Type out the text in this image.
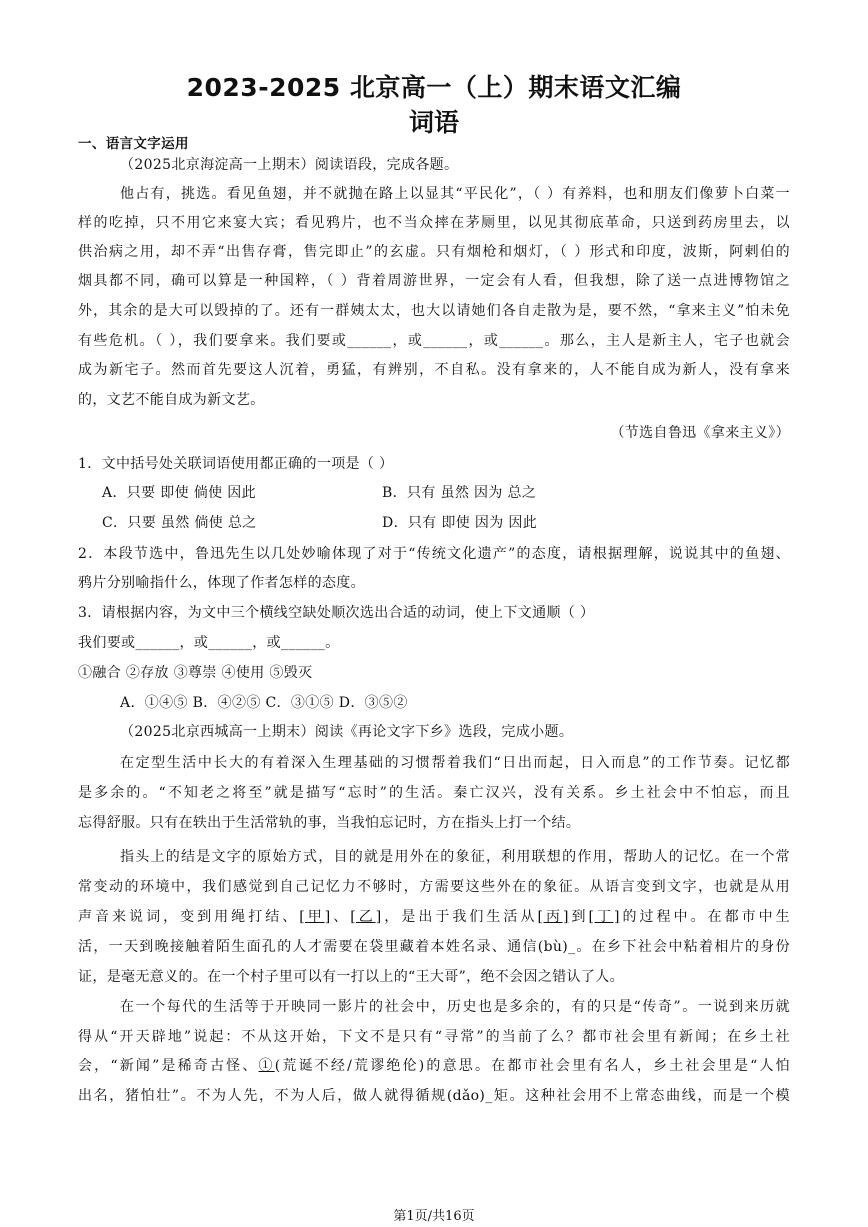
2023-2025 北京高一（上）期末语文汇编
词语
一、语言文字运用
（2025北京海淀高一上期末）阅读语段，完成各题。
他占有，挑选。看见鱼翅，并不就抛在路上以显其“平民化”，（ ）有养料，也和朋友们像萝卜白菜一
样的吃掉，只不用它来宴大宾；看见鸦片，也不当众摔在茅厕里，以见其彻底革命，只送到药房里去，以
供治病之用，却不弄“出售存膏，售完即止”的玄虚。只有烟枪和烟灯，（ ）形式和印度，波斯，阿剌伯的
烟具都不同，确可以算是一种国粹，（ ）背着周游世界，一定会有人看，但我想，除了送一点进博物馆之
外，其余的是大可以毁掉的了。还有一群姨太太，也大以请她们各自走散为是，要不然，“拿来主义”怕未免
有些危机。（ ），我们要拿来。我们要或______，或______，或______。那么，主人是新主人，宅子也就会
成为新宅子。然而首先要这人沉着，勇猛，有辨别，不自私。没有拿来的，人不能自成为新人，没有拿来
的，文艺不能自成为新文艺。
（节选自鲁迅《拿来主义》）
1．文中括号处关联词语使用都正确的一项是（ ）
A．只要 即使 倘使 因此	B．只有 虽然 因为 总之
C．只要 虽然 倘使 总之	D．只有 即使 因为 因此
2．本段节选中，鲁迅先生以几处妙喻体现了对于“传统文化遗产”的态度，请根据理解，说说其中的鱼翅、
鸦片分别喻指什么，体现了作者怎样的态度。
3．请根据内容，为文中三个横线空缺处顺次选出合适的动词，使上下文通顺（ ）
我们要或______，或______，或______。
①融合 ②存放 ③尊崇 ④使用 ⑤毁灭
A．①④⑤ B．④②⑤ C．③①⑤ D．③⑤②
（2025北京西城高一上期末）阅读《再论文字下乡》选段，完成小题。
在定型生活中长大的有着深入生理基础的习惯帮着我们“日出而起，日入而息”的工作节奏。记忆都
是多余的。“不知老之将至”就是描写“忘时”的生活。秦亡汉兴，没有关系。乡土社会中不怕忘，而且
忘得舒服。只有在轶出于生活常轨的事，当我怕忘记时，方在指头上打一个结。
指头上的结是文字的原始方式，目的就是用外在的象征，利用联想的作用，帮助人的记忆。在一个常
常变动的环境中，我们感觉到自己记忆力不够时，方需要这些外在的象征。从语言变到文字，也就是从用
声音来说词，变到用绳打结、[甲]、[乙]，是出于我们生活从[丙]到[丁]的过程中。在都市中生
活，一天到晚接触着陌生面孔的人才需要在袋里藏着本姓名录、通信(bù)_。在乡下社会中粘着相片的身份
证，是毫无意义的。在一个村子里可以有一打以上的“王大哥”，绝不会因之错认了人。
在一个每代的生活等于开映同一影片的社会中，历史也是多余的，有的只是“传奇”。一说到来历就
得从“开天辟地”说起：不从这开始，下文不是只有“寻常”的当前了么？都市社会里有新闻；在乡土社
会，“新闻”是稀奇古怪、①(荒诞不经/荒谬绝伦)的意思。在都市社会里有名人，乡土社会里是“人怕
出名，猪怕壮”。不为人先，不为人后，做人就得循规(dǎo)_矩。这种社会用不上常态曲线，而是一个模
第1页/共16页
